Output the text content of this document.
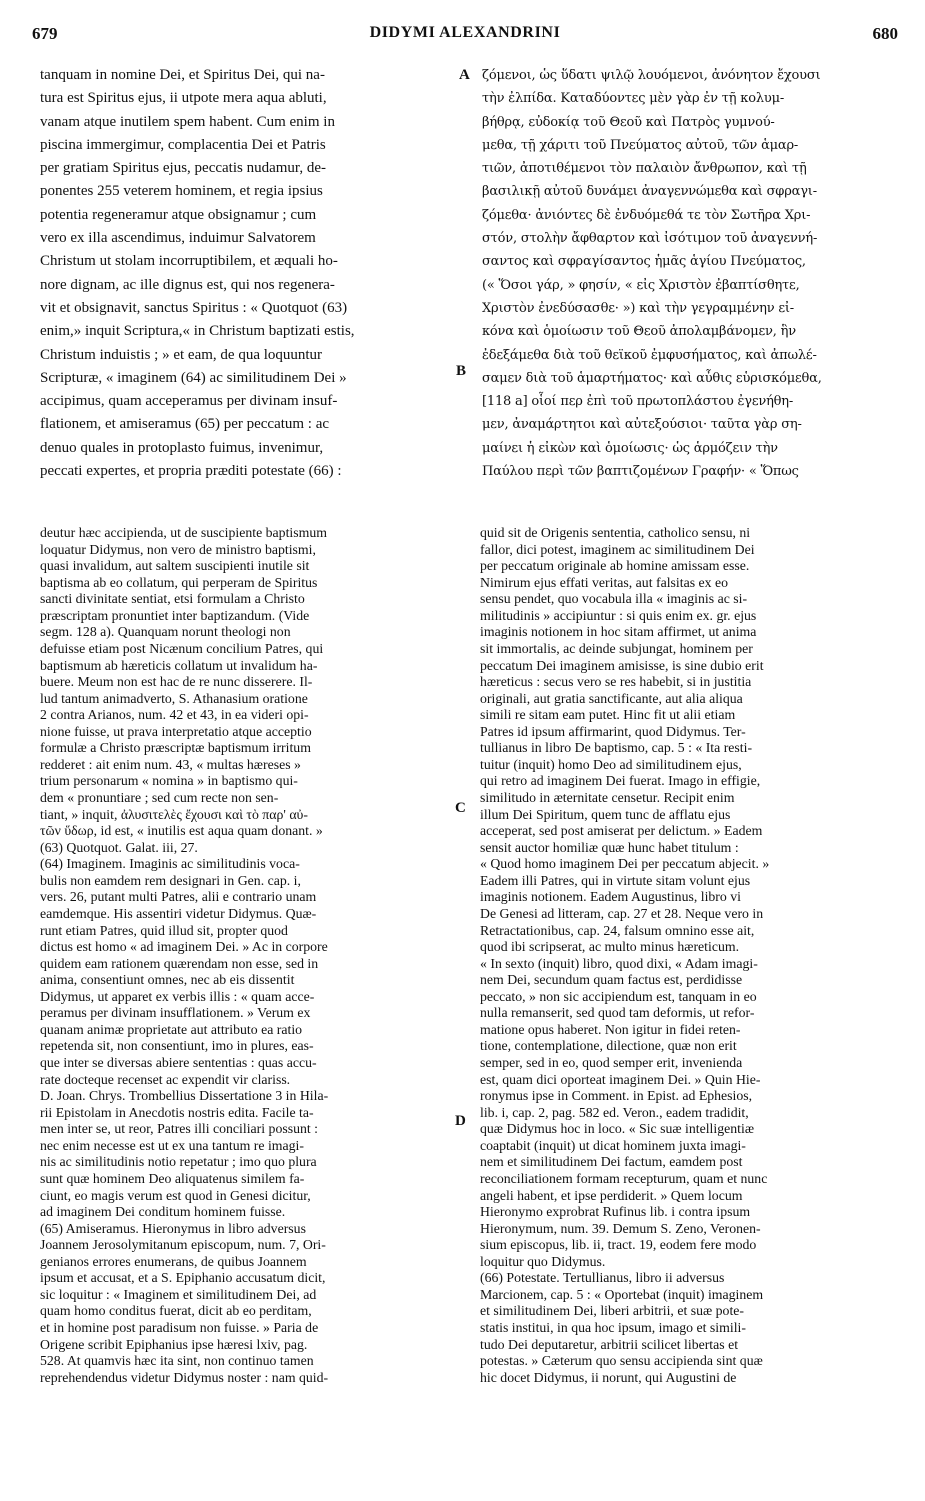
679	DIDYMI ALEXANDRINI	680

tanquam in nomine Dei, et Spiritus Dei, qui na-

tura est Spiritus ejus, ii utpote mera aqua abluti,

vanam atque inutilem spem habent. Cum enim in

piscina immergimur, complacentia Dei et Patris

per gratiam Spiritus ejus, peccatis nudamur, de-

ponentes 255 veterem hominem, et regia ipsius

potentia regeneramur atque obsignamur ; cum

vero ex illa ascendimus, induimur Salvatorem

Christum ut stolam incorruptibilem, et æquali ho-

nore dignam, ac ille dignus est, qui nos regenera-

vit et obsignavit, sanctus Spiritus : « Quotquot (63)

enim,» inquit Scriptura,« in Christum baptizati estis,

Christum induistis ; » et eam, de qua loquuntur

Scripturæ, « imaginem (64) ac similitudinem Dei »

accipimus, quam acceperamus per divinam insuf-

flationem, et amiseramus (65) per peccatum : ac

denuo quales in protoplasto fuimus, invenimur,

peccati expertes, et propria præditi potestate (66) :

ζόμενοι, ὡς ὕδατι ψιλῷ λουόμενοι, ἀνόνητον ἔχουσι

τὴν ἐλπίδα. Καταδύοντες μὲν γὰρ ἐν τῇ κολυμ-

βήθρᾳ, εὐδοκίᾳ τοῦ Θεοῦ καὶ Πατρὸς γυμνού-

μεθα, τῇ χάριτι τοῦ Πνεύματος αὐτοῦ, τῶν ἁμαρ-

τιῶν, ἀποτιθέμενοι τὸν παλαιὸν ἄνθρωπον, καὶ τῇ

βασιλικῇ αὐτοῦ δυνάμει ἀναγεννώμεθα καὶ σφραγι-

ζόμεθα· ἀνιόντες δὲ ἐνδυόμεθά τε τὸν Σωτῆρα Χρι-

στόν, στολὴν ἄφθαρτον καὶ ἰσότιμον τοῦ ἀναγεννή-

σαντος καὶ σφραγίσαντος ἡμᾶς ἁγίου Πνεύματος,

(« Ὅσοι γάρ, » φησίν, « εἰς Χριστὸν ἐβαπτίσθητε,

Χριστὸν ἐνεδύσασθε· ») καὶ τὴν γεγραμμένην εἰ-

κόνα καὶ ὁμοίωσιν τοῦ Θεοῦ ἀπολαμβάνομεν, ἣν

ἐδεξάμεθα διὰ τοῦ θεϊκοῦ ἐμφυσήματος, καὶ ἀπωλέ-

σαμεν διὰ τοῦ ἁμαρτήματος· καὶ αὖθις εὑρισκόμεθα,

[118 a] οἷοί περ ἐπὶ τοῦ πρωτοπλάστου ἐγενήθη-

μεν, ἀναμάρτητοι καὶ αὐτεξούσιοι· ταῦτα γὰρ ση-

μαίνει ἡ εἰκὼν καὶ ὁμοίωσις· ὡς ἁρμόζειν τὴν

Παύλου περὶ τῶν βαπτιζομένων Γραφήν· « Ὅπως

A
B
C
D

deutur hæc accipienda, ut de suscipiente baptismum

loquatur Didymus, non vero de ministro baptismi,

quasi invalidum, aut saltem suscipienti inutile sit

baptisma ab eo collatum, qui perperam de Spiritus

sancti divinitate sentiat, etsi formulam a Christo

præscriptam pronuntiet inter baptizandum. (Vide

segm. 128 a). Quanquam norunt theologi non

defuisse etiam post Nicænum concilium Patres, qui

baptismum ab hæreticis collatum ut invalidum ha-

buere. Meum non est hac de re nunc disserere. Il-

lud tantum animadverto, S. Athanasium oratione

2 contra Arianos, num. 42 et 43, in ea videri opi-

nione fuisse, ut prava interpretatio atque acceptio

formulæ a Christo præscriptæ baptismum irritum

redderet : ait enim num. 43, « multas hæreses »

trium personarum « nomina » in baptismo qui-

dem « pronuntiare ; sed cum recte non sen-

tiant, » inquit, ἀλυσιτελὲς ἔχουσι καὶ τὸ παρ' αὐ-

τῶν ὕδωρ, id est, « inutilis est aqua quam donant. »

(63) Quotquot. Galat. iii, 27.

(64) Imaginem. Imaginis ac similitudinis voca-

bulis non eamdem rem designari in Gen. cap. i,

vers. 26, putant multi Patres, alii e contrario unam

eamdemque. His assentiri videtur Didymus. Quæ-

runt etiam Patres, quid illud sit, propter quod

dictus est homo « ad imaginem Dei. » Ac in corpore

quidem eam rationem quærendam non esse, sed in

anima, consentiunt omnes, nec ab eis dissentit

Didymus, ut apparet ex verbis illis : « quam acce-

peramus per divinam insufflationem. » Verum ex

quanam animæ proprietate aut attributo ea ratio

repetenda sit, non consentiunt, imo in plures, eas-

que inter se diversas abiere sententias : quas accu-

rate docteque recenset ac expendit vir clariss.

D. Joan. Chrys. Trombellius Dissertatione 3 in Hila-

rii Epistolam in Anecdotis nostris edita. Facile ta-

men inter se, ut reor, Patres illi conciliari possunt :

nec enim necesse est ut ex una tantum re imagi-

nis ac similitudinis notio repetatur ; imo quo plura

sunt quæ hominem Deo aliquatenus similem fa-

ciunt, eo magis verum est quod in Genesi dicitur,

ad imaginem Dei conditum hominem fuisse.

(65) Amiseramus. Hieronymus in libro adversus

Joannem Jerosolymitanum episcopum, num. 7, Ori-

genianos errores enumerans, de quibus Joannem

ipsum et accusat, et a S. Epiphanio accusatum dicit,

sic loquitur : « Imaginem et similitudinem Dei, ad

quam homo conditus fuerat, dicit ab eo perditam,

et in homine post paradisum non fuisse. » Paria de

Origene scribit Epiphanius ipse hæresi lxiv, pag.

528. At quamvis hæc ita sint, non continuo tamen

reprehendendus videtur Didymus noster : nam quid-

quid sit de Origenis sententia, catholico sensu, ni

fallor, dici potest, imaginem ac similitudinem Dei

per peccatum originale ab homine amissam esse.

Nimirum ejus effati veritas, aut falsitas ex eo

sensu pendet, quo vocabula illa « imaginis ac si-

militudinis » accipiuntur : si quis enim ex. gr. ejus

imaginis notionem in hoc sitam affirmet, ut anima

sit immortalis, ac deinde subjungat, hominem per

peccatum Dei imaginem amisisse, is sine dubio erit

hæreticus : secus vero se res habebit, si in justitia

originali, aut gratia sanctificante, aut alia aliqua

simili re sitam eam putet. Hinc fit ut alii etiam

Patres id ipsum affirmarint, quod Didymus. Ter-

tullianus in libro De baptismo, cap. 5 : « Ita resti-

tuitur (inquit) homo Deo ad similitudinem ejus,

qui retro ad imaginem Dei fuerat. Imago in effigie,

similitudo in æternitate censetur. Recipit enim

illum Dei Spiritum, quem tunc de afflatu ejus

acceperat, sed post amiserat per delictum. » Eadem

sensit auctor homiliæ quæ hunc habet titulum :

« Quod homo imaginem Dei per peccatum abjecit. »

Eadem illi Patres, qui in virtute sitam volunt ejus

imaginis notionem. Eadem Augustinus, libro vi

De Genesi ad litteram, cap. 27 et 28. Neque vero in

Retractationibus, cap. 24, falsum omnino esse ait,

quod ibi scripserat, ac multo minus hæreticum.

« In sexto (inquit) libro, quod dixi, « Adam imagi-

nem Dei, secundum quam factus est, perdidisse

peccato, » non sic accipiendum est, tanquam in eo

nulla remanserit, sed quod tam deformis, ut refor-

matione opus haberet. Non igitur in fidei reten-

tione, contemplatione, dilectione, quæ non erit

semper, sed in eo, quod semper erit, invenienda

est, quam dici oporteat imaginem Dei. » Quin Hie-

ronymus ipse in Comment. in Epist. ad Ephesios,

lib. i, cap. 2, pag. 582 ed. Veron., eadem tradidit,

quæ Didymus hoc in loco. « Sic suæ intelligentiæ

coaptabit (inquit) ut dicat hominem juxta imagi-

nem et similitudinem Dei factum, eamdem post

reconciliationem formam recepturum, quam et nunc

angeli habent, et ipse perdiderit. » Quem locum

Hieronymo exprobrat Rufinus lib. i contra ipsum

Hieronymum, num. 39. Demum S. Zeno, Veronen-

sium episcopus, lib. ii, tract. 19, eodem fere modo

loquitur quo Didymus.

(66) Potestate. Tertullianus, libro ii adversus

Marcionem, cap. 5 : « Oportebat (inquit) imaginem

et similitudinem Dei, liberi arbitrii, et suæ pote-

statis institui, in qua hoc ipsum, imago et simili-

tudo Dei deputaretur, arbitrii scilicet libertas et

potestas. » Cæterum quo sensu accipienda sint quæ

hic docet Didymus, ii norunt, qui Augustini de
